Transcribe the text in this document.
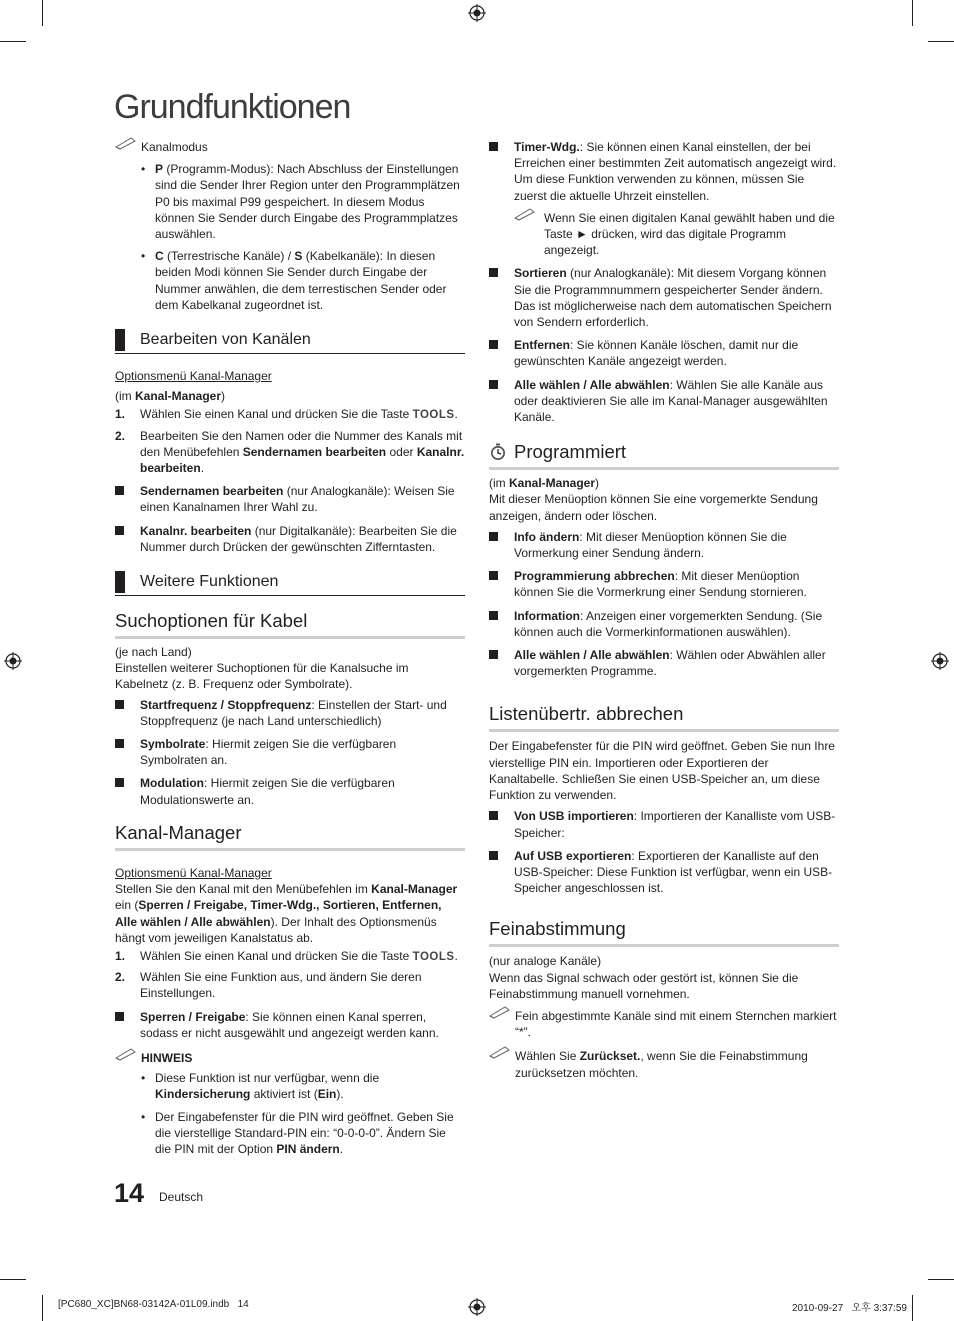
Grundfunktionen

Kanalmodus

• P (Programm-Modus): Nach Abschluss der Einstellungen sind die Sender Ihrer Region unter den Programmplätzen P0 bis maximal P99 gespeichert. In diesem Modus können Sie Sender durch Eingabe des Programmplatzes auswählen.
• C (Terrestrische Kanäle) / S (Kabelkanäle): In diesen beiden Modi können Sie Sender durch Eingabe der Nummer anwählen, die dem terrestischen Sender oder dem Kabelkanal zugeordnet ist.
Bearbeiten von Kanälen
Optionsmenü Kanal-Manager

(im Kanal-Manager)

1. Wählen Sie einen Kanal und drücken Sie die Taste TOOLS.
2. Bearbeiten Sie den Namen oder die Nummer des Kanals mit den Menübefehlen Sendernamen bearbeiten oder Kanalnr. bearbeiten.
Sendernamen bearbeiten (nur Analogkanäle): Weisen Sie einen Kanalnamen Ihrer Wahl zu.
Kanalnr. bearbeiten (nur Digitalkanäle): Bearbeiten Sie die Nummer durch Drücken der gewünschten Zifferntasten.
Weitere Funktionen
Suchoptionen für Kabel

(je nach Land)

Einstellen weiterer Suchoptionen für die Kanalsuche im Kabelnetz (z. B. Frequenz oder Symbolrate).

Startfrequenz / Stoppfrequenz: Einstellen der Start- und Stoppfrequenz (je nach Land unterschiedlich)
Symbolrate: Hiermit zeigen Sie die verfügbaren Symbolraten an.
Modulation: Hiermit zeigen Sie die verfügbaren Modulationswerte an.
Kanal-Manager
Optionsmenü Kanal-Manager

Stellen Sie den Kanal mit den Menübefehlen im Kanal-Manager ein (Sperren / Freigabe, Timer-Wdg., Sortieren, Entfernen, Alle wählen / Alle abwählen). Der Inhalt des Optionsmenüs hängt vom jeweiligen Kanalstatus ab.

1. Wählen Sie einen Kanal und drücken Sie die Taste TOOLS.
2. Wählen Sie eine Funktion aus, und ändern Sie deren Einstellungen.
Sperren / Freigabe: Sie können einen Kanal sperren, sodass er nicht ausgewählt und angezeigt werden kann.

HINWEIS

• Diese Funktion ist nur verfügbar, wenn die Kindersicherung aktiviert ist (Ein).
• Der Eingabefenster für die PIN wird geöffnet. Geben Sie die vierstellige Standard-PIN ein: “0-0-0-0”. Ändern Sie die PIN mit der Option PIN ändern.
Timer-Wdg.: Sie können einen Kanal einstellen, der bei Erreichen einer bestimmten Zeit automatisch angezeigt wird. Um diese Funktion verwenden zu können, müssen Sie zuerst die aktuelle Uhrzeit einstellen.

Wenn Sie einen digitalen Kanal gewählt haben und die Taste ► drücken, wird das digitale Programm angezeigt.

Sortieren (nur Analogkanäle): Mit diesem Vorgang können Sie die Programmnummern gespeicherter Sender ändern. Das ist möglicherweise nach dem automatischen Speichern von Sendern erforderlich.
Entfernen: Sie können Kanäle löschen, damit nur die gewünschten Kanäle angezeigt werden.
Alle wählen / Alle abwählen: Wählen Sie alle Kanäle aus oder deaktivieren Sie alle im Kanal-Manager ausgewählten Kanäle.
Programmiert

(im Kanal-Manager)

Mit dieser Menüoption können Sie eine vorgemerkte Sendung anzeigen, ändern oder löschen.

Info ändern: Mit dieser Menüoption können Sie die Vormerkung einer Sendung ändern.
Programmierung abbrechen: Mit dieser Menüoption können Sie die Vormerkrung einer Sendung stornieren.
Information: Anzeigen einer vorgemerkten Sendung. (Sie können auch die Vormerkinformationen auswählen).
Alle wählen / Alle abwählen: Wählen oder Abwählen aller vorgemerkten Programme.
Listenübertr. abbrechen

Der Eingabefenster für die PIN wird geöffnet. Geben Sie nun Ihre vierstellige PIN ein. Importieren oder Exportieren der Kanaltabelle. Schließen Sie einen USB-Speicher an, um diese Funktion zu verwenden.

Von USB importieren: Importieren der Kanalliste vom USB-Speicher:
Auf USB exportieren: Exportieren der Kanalliste auf den USB-Speicher: Diese Funktion ist verfügbar, wenn ein USB-Speicher angeschlossen ist.
Feinabstimmung

(nur analoge Kanäle)

Wenn das Signal schwach oder gestört ist, können Sie die Feinabstimmung manuell vornehmen.

Fein abgestimmte Kanäle sind mit einem Sternchen markiert “*”.

Wählen Sie Zurückset., wenn Sie die Feinabstimmung zurücksetzen möchten.

14 Deutsch
[PC680_XC]BN68-03142A-01L09.indb   14	2010-09-27   오후 3:37:59
